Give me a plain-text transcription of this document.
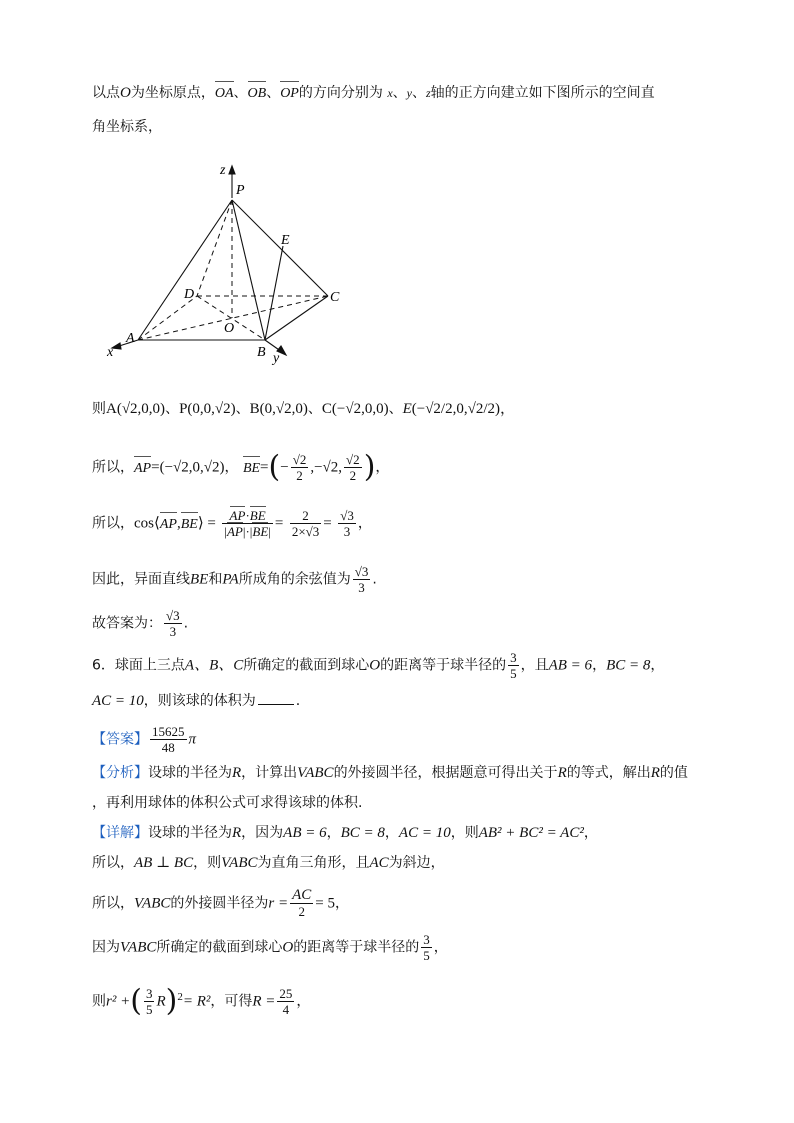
以点O为坐标原点，OA、OB、OP的方向分别为 x、y、z轴的正方向建立如下图所示的空间直
角坐标系，
z
P
E
D	C
A
O
B
x	y
则A(√2,0,0)、P(0,0,√2)、B(0,√2,0)、C(−√2,0,0)、E(−√2/2,0,√2/2)，
所以，AP=(−√2,0,√2)， $BE=(- \frac{√2}{2} ,-√2$, $\frac{√2}{2}$ )，
所以，cos⟨AP,BE⟩ = $\frac{AP\cdot BE}{|AP|\cdot|BE|} = \frac{2}{2\times√3} = \frac{√3}{3}$ ，
因此，异面直线BE和PA所成角的余弦值为 $\frac{√3}{3}$ .
故答案为： $\frac{√3}{3}$ .
6．球面上三点A、B、C所确定的截面到球心O的距离等于球半径的 $\frac{3}{5}$ ，且AB = 6，BC = 8，
AC = 10，则该球的体积为	.
【答案】 $\frac{15625}{48}$ π
【分析】设球的半径为R，计算出VABC的外接圆半径，根据题意可得出关于R的等式，解出R的值
，再利用球体的体积公式可求得该球的体积.
【详解】设球的半径为R，因为AB = 6，BC = 8，AC = 10，则AB² + BC² = AC²，
所以，AB ⊥ BC，则VABC为直角三角形，且AC为斜边，
所以，VABC的外接圆半径为$r = \frac{AC}{2} = 5$，
因为VABC所确定的截面到球心O的距离等于球半径的 $\frac{3}{5}$ ，
则r² +( $\frac{3}{5} R)^2= R^2$，可得$R = \frac{25}{4}$ ，
